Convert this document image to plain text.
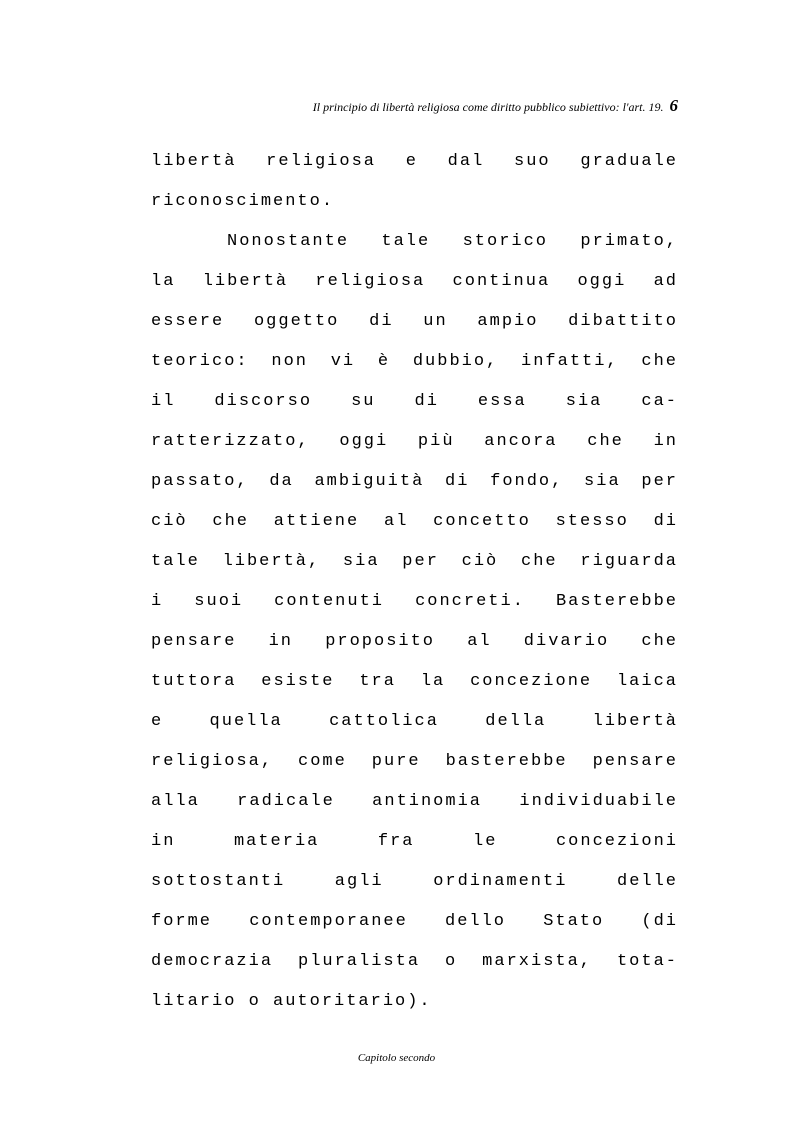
Il principio di libertà religiosa come diritto pubblico subiettivo: l'art. 19. 6
libertà religiosa e dal suo graduale
riconoscimento.
Nonostante tale storico primato,
la libertà religiosa continua oggi ad
essere oggetto di un ampio dibattito
teorico: non vi è dubbio, infatti, che
il discorso su di essa sia ca-
ratterizzato, oggi più ancora che in
passato, da ambiguità di fondo, sia per
ciò che attiene al concetto stesso di
tale libertà, sia per ciò che riguarda
i suoi contenuti concreti. Basterebbe
pensare in proposito al divario che
tuttora esiste tra la concezione laica
e quella cattolica della libertà
religiosa, come pure basterebbe pensare
alla radicale antinomia individuabile
in materia fra le concezioni
sottostanti agli ordinamenti delle
forme contemporanee dello Stato (di
democrazia pluralista o marxista, tota-
litario o autoritario).
Capitolo secondo
